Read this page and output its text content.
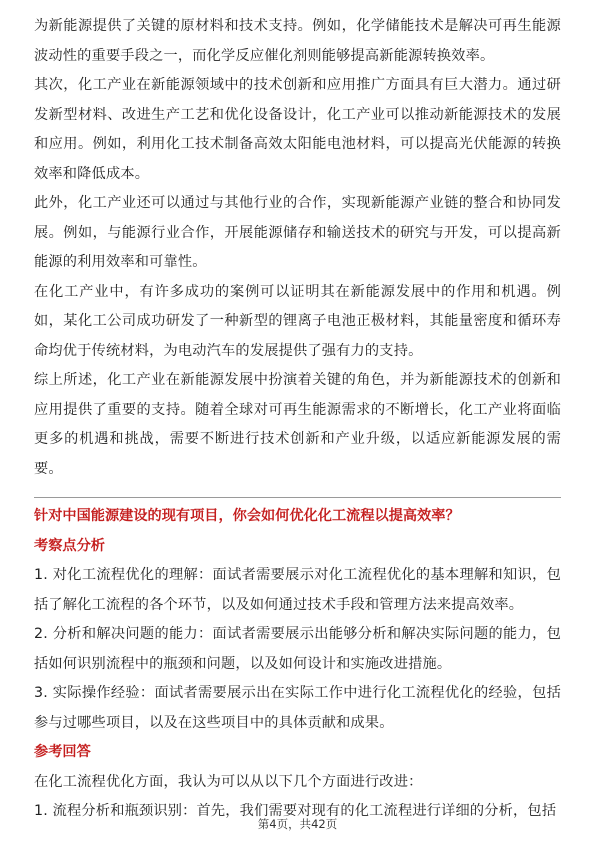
为新能源提供了关键的原材料和技术支持。例如，化学储能技术是解决可再生能源波动性的重要手段之一，而化学反应催化剂则能够提高新能源转换效率。

其次，化工产业在新能源领域中的技术创新和应用推广方面具有巨大潜力。通过研发新型材料、改进生产工艺和优化设备设计，化工产业可以推动新能源技术的发展和应用。例如，利用化工技术制备高效太阳能电池材料，可以提高光伏能源的转换效率和降低成本。

此外，化工产业还可以通过与其他行业的合作，实现新能源产业链的整合和协同发展。例如，与能源行业合作，开展能源储存和输送技术的研究与开发，可以提高新能源的利用效率和可靠性。

在化工产业中，有许多成功的案例可以证明其在新能源发展中的作用和机遇。例如，某化工公司成功研发了一种新型的锂离子电池正极材料，其能量密度和循环寿命均优于传统材料，为电动汽车的发展提供了强有力的支持。

综上所述，化工产业在新能源发展中扮演着关键的角色，并为新能源技术的创新和应用提供了重要的支持。随着全球对可再生能源需求的不断增长，化工产业将面临更多的机遇和挑战，需要不断进行技术创新和产业升级，以适应新能源发展的需要。

针对中国能源建设的现有项目，你会如何优化化工流程以提高效率？

考察点分析

1. 对化工流程优化的理解：面试者需要展示对化工流程优化的基本理解和知识，包括了解化工流程的各个环节，以及如何通过技术手段和管理方法来提高效率。

2. 分析和解决问题的能力：面试者需要展示出能够分析和解决实际问题的能力，包括如何识别流程中的瓶颈和问题，以及如何设计和实施改进措施。

3. 实际操作经验：面试者需要展示出在实际工作中进行化工流程优化的经验，包括参与过哪些项目，以及在这些项目中的具体贡献和成果。

参考回答

在化工流程优化方面，我认为可以从以下几个方面进行改进：

1. 流程分析和瓶颈识别：首先，我们需要对现有的化工流程进行详细的分析，包括

第4页，共42页
